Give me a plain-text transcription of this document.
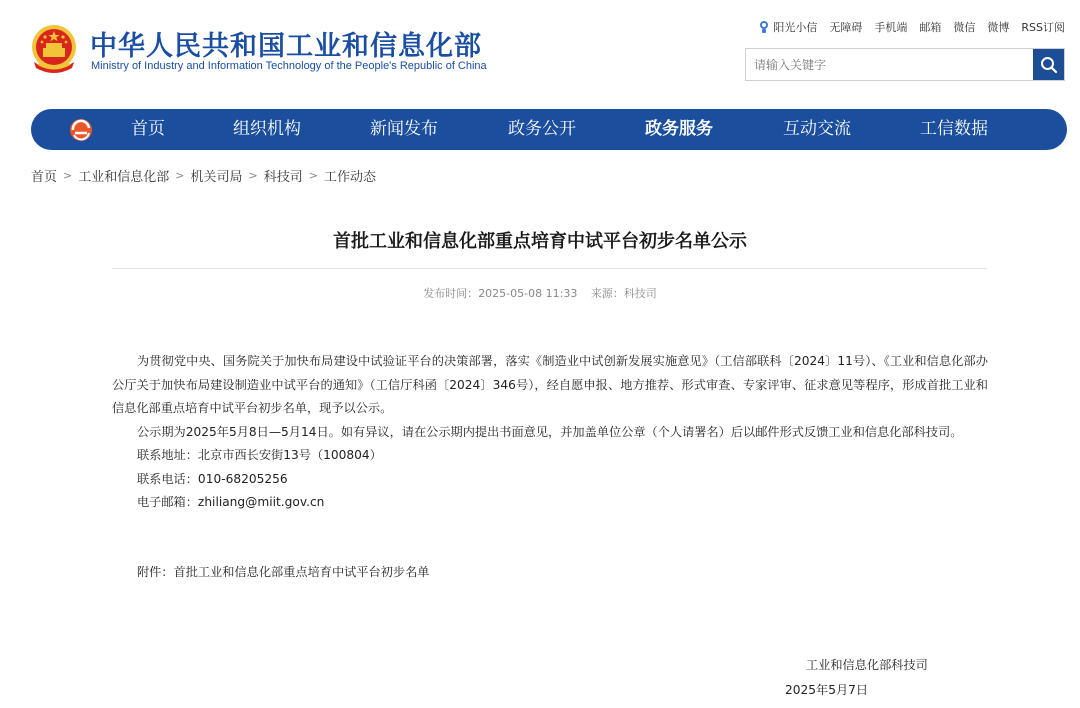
中华人民共和国工业和信息化部
Ministry of Industry and Information Technology of the People's Republic of China
阳光小信 无障碍 手机端 邮箱 微信 微博 RSS订阅
请输入关键字
首页	组织机构	新闻发布	政务公开	政务服务	互动交流	工信数据
首页 > 工业和信息化部 > 机关司局 > 科技司 > 工作动态
首批工业和信息化部重点培育中试平台初步名单公示
发布时间：2025-05-08 11:33 来源：科技司

为贯彻党中央、国务院关于加快布局建设中试验证平台的决策部署，落实《制造业中试创新发展实施意见》（工信部联科〔2024〕11号）、《工业和信息化部办公厅关于加快布局建设制造业中试平台的通知》（工信厅科函〔2024〕346号），经自愿申报、地方推荐、形式审查、专家评审、征求意见等程序，形成首批工业和信息化部重点培育中试平台初步名单，现予以公示。

公示期为2025年5月8日—5月14日。如有异议，请在公示期内提出书面意见，并加盖单位公章（个人请署名）后以邮件形式反馈工业和信息化部科技司。

联系地址：北京市西长安街13号（100804）

联系电话：010-68205256

电子邮箱：zhiliang@miit.gov.cn

附件：首批工业和信息化部重点培育中试平台初步名单
工业和信息化部科技司
2025年5月7日
